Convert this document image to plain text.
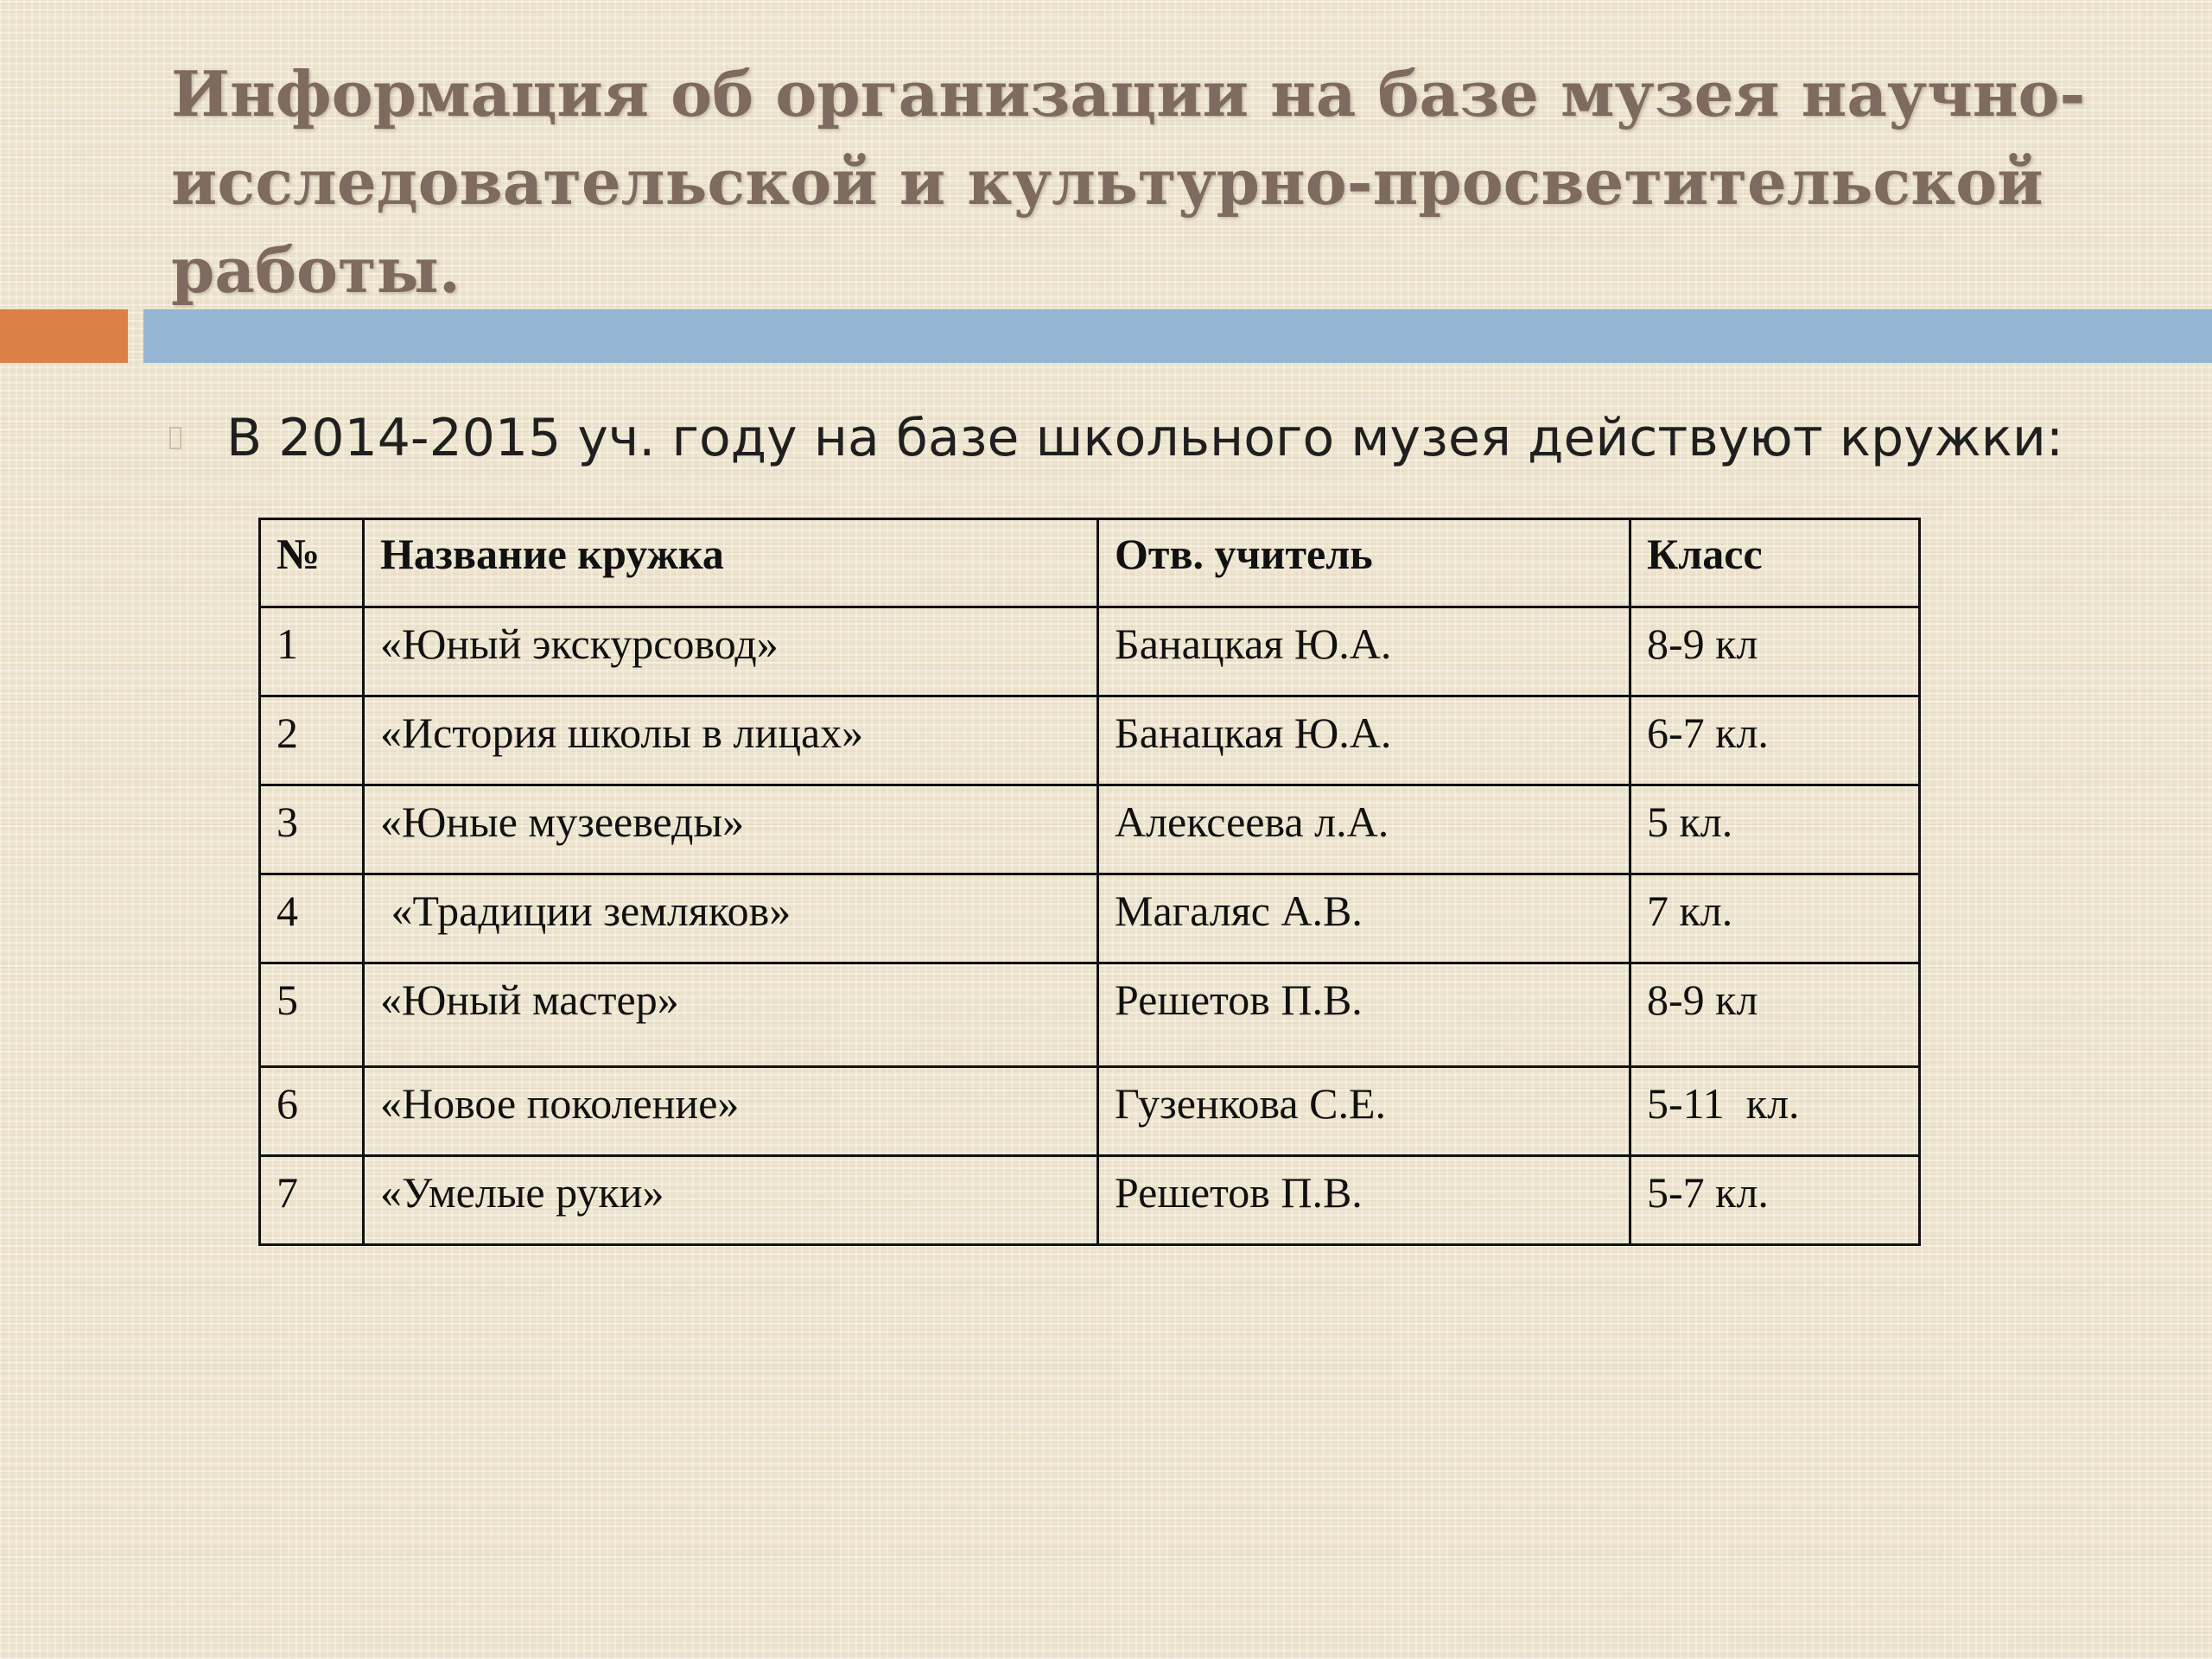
Информация об организации на базе музея научно-исследовательской и культурно-просветительской работы.
В 2014-2015 уч. году на базе школьного музея действуют кружки:
№	Название кружка	Отв. учитель	Класс
1	«Юный экскурсовод»	Банацкая Ю.А.	8-9 кл
2	«История школы в лицах»	Банацкая Ю.А.	6-7 кл.
3	«Юные музееведы»	Алексеева л.А.	5 кл.
4	«Традиции земляков»	Магаляс А.В.	7 кл.
5	«Юный мастер»	Решетов П.В.	8-9 кл
6	«Новое поколение»	Гузенкова С.Е.	5-11  кл.
7	«Умелые руки»	Решетов П.В.	5-7 кл.
